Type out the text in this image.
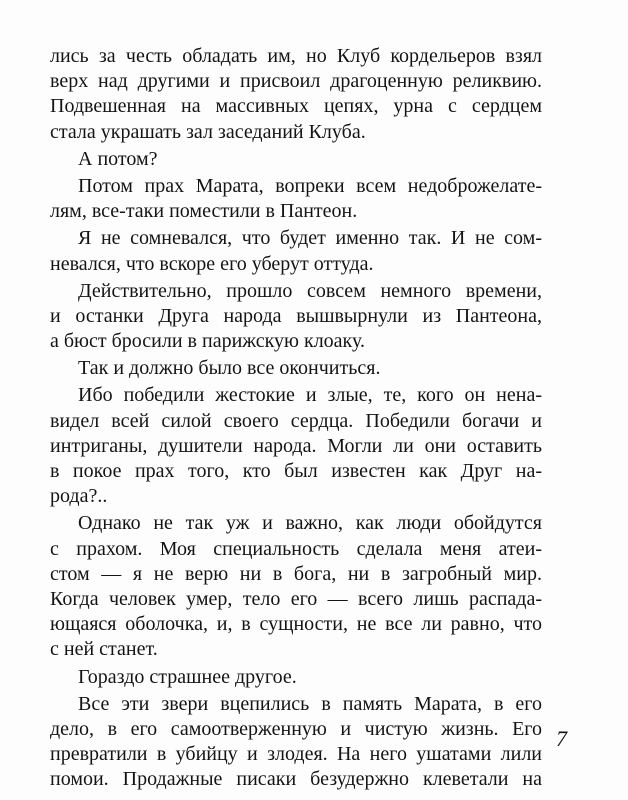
лись за честь обладать им, но Клуб кордельеров взял
верх над другими и присвоил драгоценную реликвию.
Подвешенная на массивных цепях, урна с сердцем
стала украшать зал заседаний Клуба.
А потом?
Потом прах Марата, вопреки всем недоброжелате-
лям, все-таки поместили в Пантеон.
Я не сомневался, что будет именно так. И не сом-
невался, что вскоре его уберут оттуда.
Действительно, прошло совсем немного времени,
и останки Друга народа вышвырнули из Пантеона,
а бюст бросили в парижскую клоаку.
Так и должно было все окончиться.
Ибо победили жестокие и злые, те, кого он нена-
видел всей силой своего сердца. Победили богачи и
интриганы, душители народа. Могли ли они оставить
в покое прах того, кто был известен как Друг на-
рода?..
Однако не так уж и важно, как люди обойдутся
с прахом. Моя специальность сделала меня атеи-
стом — я не верю ни в бога, ни в загробный мир.
Когда человек умер, тело его — всего лишь распада-
ющаяся оболочка, и, в сущности, не все ли равно, что
с ней станет.
Гораздо страшнее другое.
Все эти звери вцепились в память Марата, в его
дело, в его самоотверженную и чистую жизнь. Его
превратили в убийцу и злодея. На него ушатами лили
помои. Продажные писаки безудержно клеветали на
7
